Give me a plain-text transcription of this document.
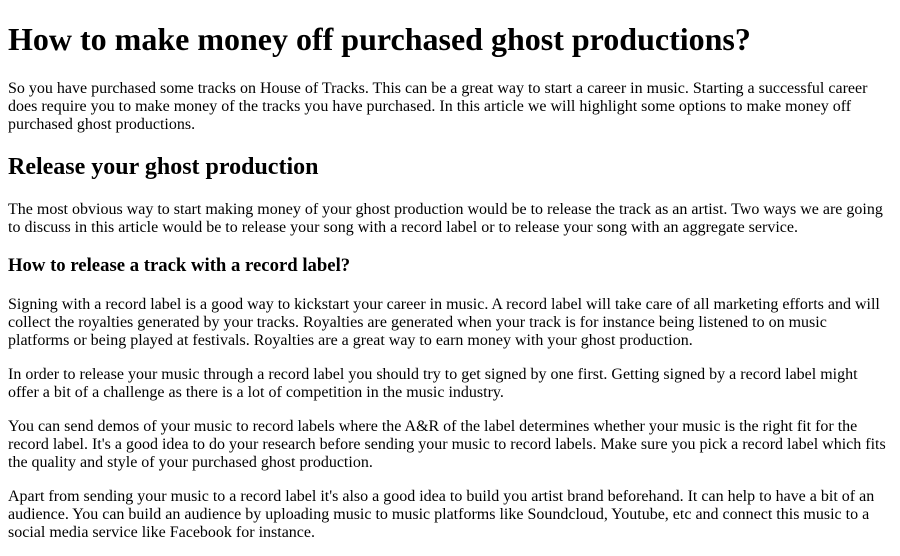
How to make money off purchased ghost productions?

So you have purchased some tracks on House of Tracks. This can be a great way to start a career in music. Starting a successful career does require you to make money of the tracks you have purchased. In this article we will highlight some options to make money off purchased ghost productions.

Release your ghost production

The most obvious way to start making money of your ghost production would be to release the track as an artist. Two ways we are going to discuss in this article would be to release your song with a record label or to release your song with an aggregate service.

How to release a track with a record label?

Signing with a record label is a good way to kickstart your career in music. A record label will take care of all marketing efforts and will collect the royalties generated by your tracks. Royalties are generated when your track is for instance being listened to on music platforms or being played at festivals. Royalties are a great way to earn money with your ghost production.

In order to release your music through a record label you should try to get signed by one first. Getting signed by a record label might offer a bit of a challenge as there is a lot of competition in the music industry.

You can send demos of your music to record labels where the A&R of the label determines whether your music is the right fit for the record label. It's a good idea to do your research before sending your music to record labels. Make sure you pick a record label which fits the quality and style of your purchased ghost production.

Apart from sending your music to a record label it's also a good idea to build you artist brand beforehand. It can help to have a bit of an audience. You can build an audience by uploading music to music platforms like Soundcloud, Youtube, etc and connect this music to a social media service like Facebook for instance.
